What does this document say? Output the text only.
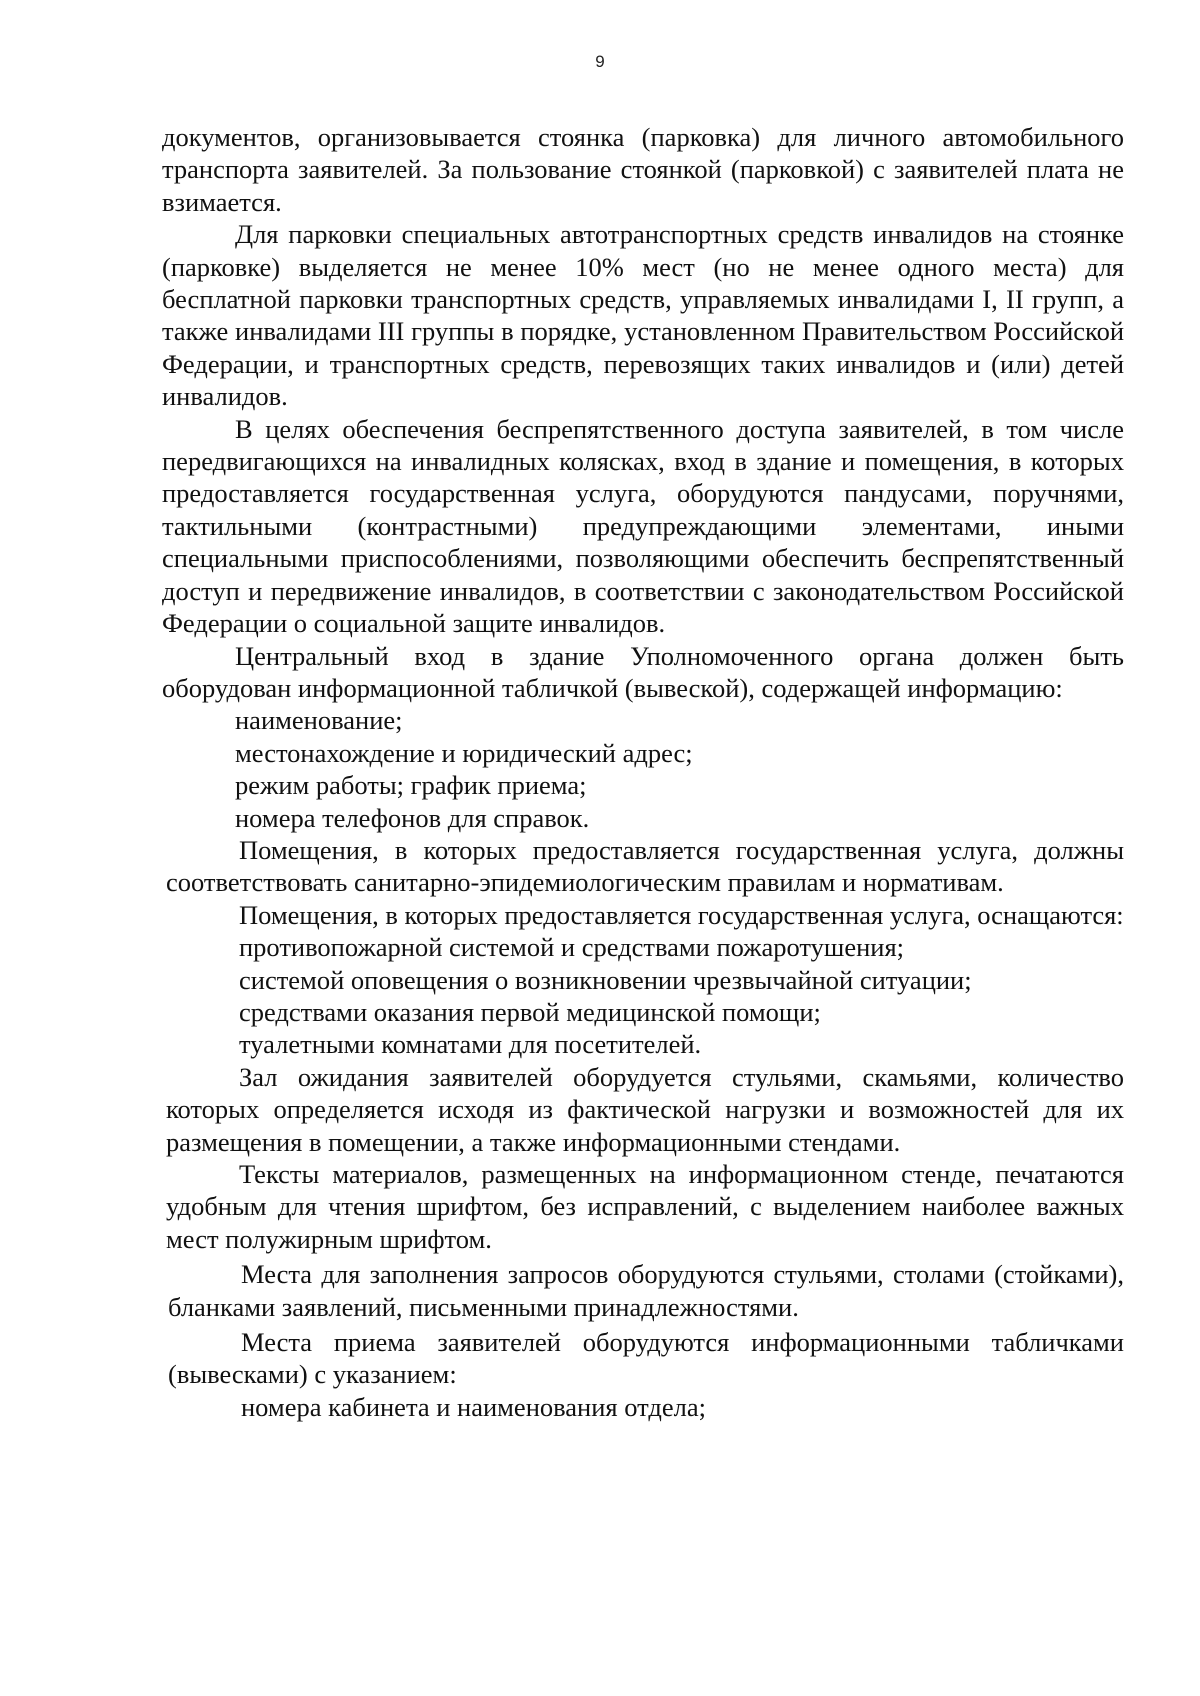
9

документов, организовывается стоянка (парковка) для личного автомобильного транспорта заявителей. За пользование стоянкой (парковкой) с заявителей плата не взимается.

Для парковки специальных автотранспортных средств инвалидов на стоянке (парковке) выделяется не менее 10% мест (но не менее одного места) для бесплатной парковки транспортных средств, управляемых инвалидами I, II групп, а также инвалидами III группы в порядке, установленном Правительством Российской Федерации, и транспортных средств, перевозящих таких инвалидов и (или) детей инвалидов.

В целях обеспечения беспрепятственного доступа заявителей, в том числе передвигающихся на инвалидных колясках, вход в здание и помещения, в которых предоставляется государственная услуга, оборудуются пандусами, поручнями, тактильными (контрастными) предупреждающими элементами, иными специальными приспособлениями, позволяющими обеспечить беспрепятственный доступ и передвижение инвалидов, в соответствии с законодательством Российской Федерации о социальной защите инвалидов.

Центральный вход в здание Уполномоченного органа должен быть оборудован информационной табличкой (вывеской), содержащей информацию:

наименование;

местонахождение и юридический адрес;

режим работы; график приема;

номера телефонов для справок.

Помещения, в которых предоставляется государственная услуга, должны соответствовать санитарно-эпидемиологическим правилам и нормативам.

Помещения, в которых предоставляется государственная услуга, оснащаются:

противопожарной системой и средствами пожаротушения;

системой оповещения о возникновении чрезвычайной ситуации;

средствами оказания первой медицинской помощи;

туалетными комнатами для посетителей.

Зал ожидания заявителей оборудуется стульями, скамьями, количество которых определяется исходя из фактической нагрузки и возможностей для их размещения в помещении, а также информационными стендами.

Тексты материалов, размещенных на информационном стенде, печатаются удобным для чтения шрифтом, без исправлений, с выделением наиболее важных мест полужирным шрифтом.

Места для заполнения запросов оборудуются стульями, столами (стойками), бланками заявлений, письменными принадлежностями.

Места приема заявителей оборудуются информационными табличками (вывесками) с указанием:

номера кабинета и наименования отдела;
